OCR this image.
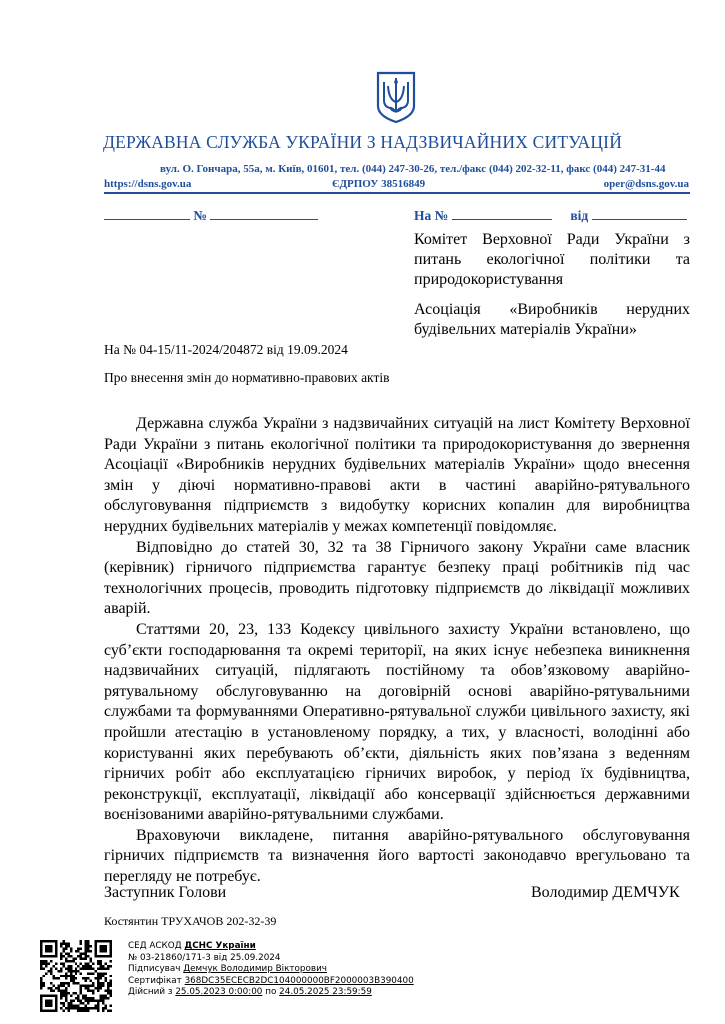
ДЕРЖАВНА СЛУЖБА УКРАЇНИ З НАДЗВИЧАЙНИХ СИТУАЦІЙ
вул. О. Гончара, 55а, м. Київ, 01601, тел. (044) 247-30-26, тел./факс (044) 202-32-11, факс (044) 247-31-44
https://dsns.gov.ua	ЄДРПОУ 38516849	oper@dsns.gov.ua
№	На №	від
Комітет Верховної Ради України з питань екологічної політики та природокористування
Асоціація «Виробників нерудних будівельних матеріалів України»
На № 04-15/11-2024/204872 від 19.09.2024
Про внесення змін до нормативно-правових актів

Державна служба України з надзвичайних ситуацій на лист Комітету Верховної Ради України з питань екологічної політики та природокористування до звернення Асоціації «Виробників нерудних будівельних матеріалів України» щодо внесення змін у діючі нормативно-правові акти в частині аварійно-рятувального обслуговування підприємств з видобутку корисних копалин для виробництва нерудних будівельних матеріалів у межах компетенції повідомляє.

Відповідно до статей 30, 32 та 38 Гірничого закону України саме власник (керівник) гірничого підприємства гарантує безпеку праці робітників під час технологічних процесів, проводить підготовку підприємств до ліквідації можливих аварій.

Статтями 20, 23, 133 Кодексу цивільного захисту України встановлено, що суб’єкти господарювання та окремі території, на яких існує небезпека виникнення надзвичайних ситуацій, підлягають постійному та обов’язковому аварійно-рятувальному обслуговуванню на договірній основі аварійно-рятувальними службами та формуваннями Оперативно-рятувальної служби цивільного захисту, які пройшли атестацію в установленому порядку, а тих, у власності, володінні або користуванні яких перебувають об’єкти, діяльність яких пов’язана з веденням гірничих робіт або експлуатацією гірничих виробок, у період їх будівництва, реконструкції, експлуатації, ліквідації або консервації здійснюється державними воєнізованими аварійно-рятувальними службами.

Враховуючи викладене, питання аварійно-рятувального обслуговування гірничих підприємств та визначення його вартості законодавчо врегульовано та перегляду не потребує.

Заступник Голови	Володимир ДЕМЧУК
Костянтин ТРУХАЧОВ 202-32-39
СЕД АСКОД ДСНС України
№ 03-21860/171-3 від 25.09.2024
Підписувач Демчук Володимир Вікторович
Сертифікат 368DC35ECECB2DC104000000BF2000003B390400
Дійсний з 25.05.2023 0:00:00 по 24.05.2025 23:59:59
